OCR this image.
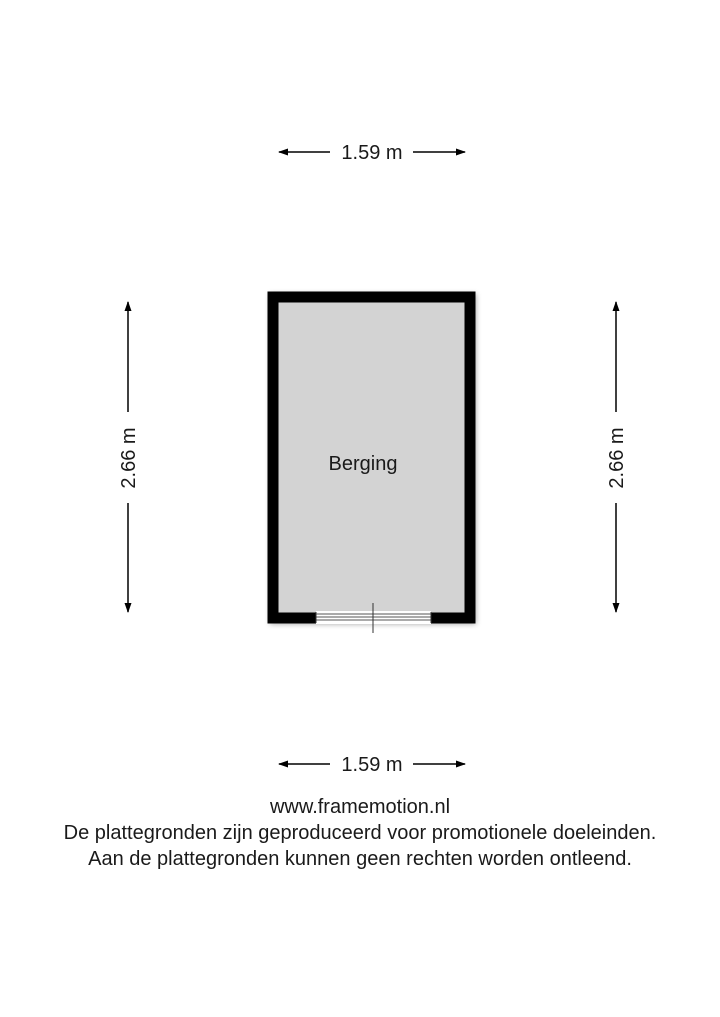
1.59 m
2.66 m	2.66 m
Berging
1.59 m
www.framemotion.nl
De plattegronden zijn geproduceerd voor promotionele doeleinden.
Aan de plattegronden kunnen geen rechten worden ontleend.
